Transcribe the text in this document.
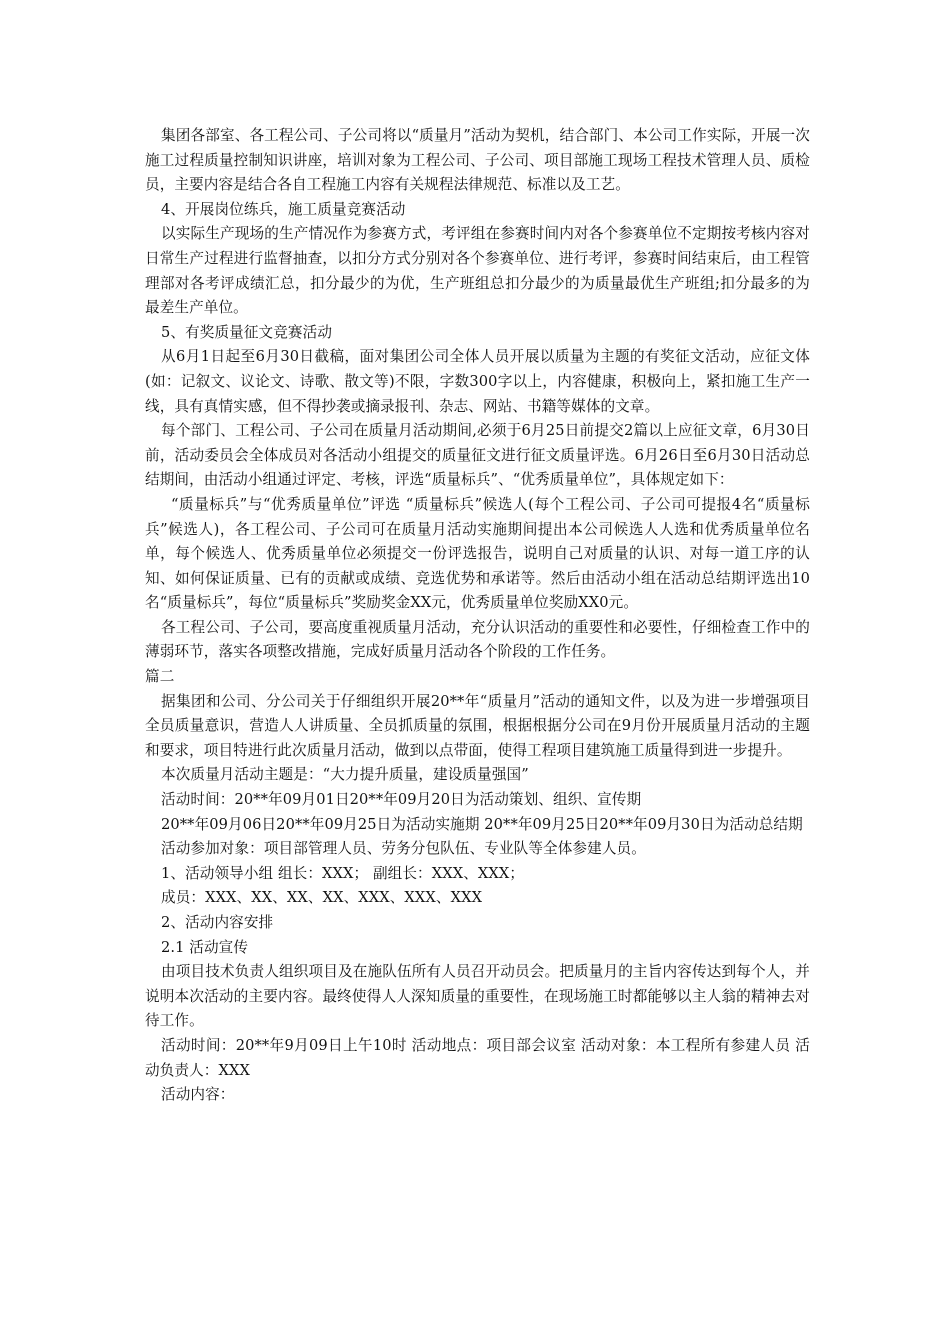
集团各部室、各工程公司、子公司将以“质量月”活动为契机，结合部门、本公司工作实际，开展一次施工过程质量控制知识讲座，培训对象为工程公司、子公司、项目部施工现场工程技术管理人员、质检员，主要内容是结合各自工程施工内容有关规程法律规范、标准以及工艺。

4、开展岗位练兵，施工质量竞赛活动

以实际生产现场的生产情况作为参赛方式，考评组在参赛时间内对各个参赛单位不定期按考核内容对日常生产过程进行监督抽查，以扣分方式分别对各个参赛单位、进行考评，参赛时间结束后，由工程管理部对各考评成绩汇总，扣分最少的为优，生产班组总扣分最少的为质量最优生产班组;扣分最多的为最差生产单位。

5、有奖质量征文竞赛活动

从6月1日起至6月30日截稿，面对集团公司全体人员开展以质量为主题的有奖征文活动，应征文体(如：记叙文、议论文、诗歌、散文等)不限，字数300字以上，内容健康，积极向上，紧扣施工生产一线，具有真情实感，但不得抄袭或摘录报刊、杂志、网站、书籍等媒体的文章。

每个部门、工程公司、子公司在质量月活动期间,必须于6月25日前提交2篇以上应征文章，6月30日前，活动委员会全体成员对各活动小组提交的质量征文进行征文质量评选。6月26日至6月30日活动总结期间，由活动小组通过评定、考核，评选“质量标兵”、“优秀质量单位”，具体规定如下：

“质量标兵”与“优秀质量单位”评选 “质量标兵”候选人(每个工程公司、子公司可提报4名“质量标兵”候选人)，各工程公司、子公司可在质量月活动实施期间提出本公司候选人人选和优秀质量单位名单，每个候选人、优秀质量单位必须提交一份评选报告，说明自己对质量的认识、对每一道工序的认知、如何保证质量、已有的贡献或成绩、竞选优势和承诺等。然后由活动小组在活动总结期评选出10名“质量标兵”，每位“质量标兵”奖励奖金XX元，优秀质量单位奖励XX0元。

各工程公司、子公司，要高度重视质量月活动，充分认识活动的重要性和必要性，仔细检查工作中的薄弱环节，落实各项整改措施，完成好质量月活动各个阶段的工作任务。

篇二

据集团和公司、分公司关于仔细组织开展20**年“质量月”活动的通知文件，以及为进一步增强项目全员质量意识，营造人人讲质量、全员抓质量的氛围，根据根据分公司在9月份开展质量月活动的主题和要求，项目特进行此次质量月活动，做到以点带面，使得工程项目建筑施工质量得到进一步提升。

本次质量月活动主题是：“大力提升质量，建设质量强国”

活动时间：20**年09月01日20**年09月20日为活动策划、组织、宣传期

20**年09月06日20**年09月25日为活动实施期 20**年09月25日20**年09月30日为活动总结期

活动参加对象：项目部管理人员、劳务分包队伍、专业队等全体参建人员。

1、活动领导小组 组长：XXX； 副组长：XXX、XXX；

成员：XXX、XX、XX、XX、XXX、XXX、XXX

2、活动内容安排

2.1 活动宣传

由项目技术负责人组织项目及在施队伍所有人员召开动员会。把质量月的主旨内容传达到每个人，并说明本次活动的主要内容。最终使得人人深知质量的重要性，在现场施工时都能够以主人翁的精神去对待工作。

活动时间：20**年9月09日上午10时 活动地点：项目部会议室 活动对象：本工程所有参建人员 活动负责人：XXX

活动内容：
